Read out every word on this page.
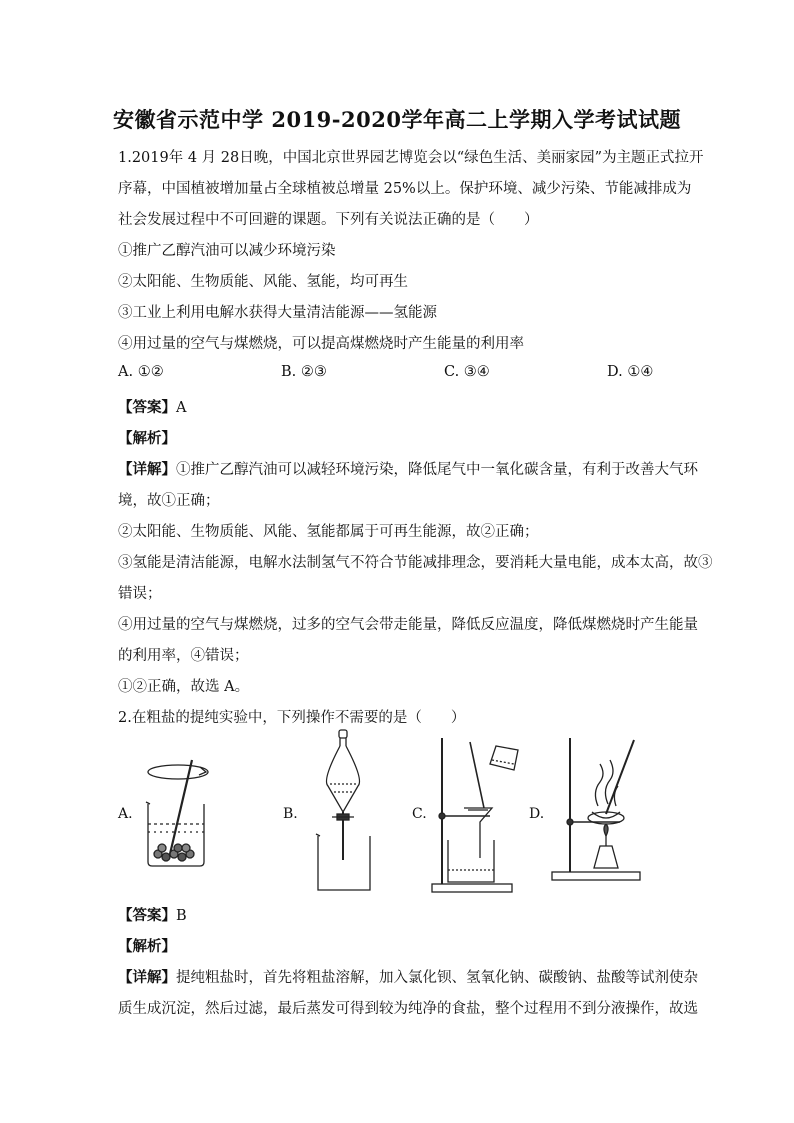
安徽省示范中学 2019-2020学年高二上学期入学考试试题
1.2019年 4 月 28日晚，中国北京世界园艺博览会以“绿色生活、美丽家园”为主题正式拉开
序幕，中国植被增加量占全球植被总增量 25%以上。保护环境、减少污染、节能减排成为
社会发展过程中不可回避的课题。下列有关说法正确的是（　　）
①推广乙醇汽油可以减少环境污染
②太阳能、生物质能、风能、氢能，均可再生
③工业上利用电解水获得大量清洁能源——氢能源
④用过量的空气与煤燃烧，可以提高煤燃烧时产生能量的利用率
A. ①②	B. ②③	C. ③④	D. ①④
【答案】A
【解析】
【详解】①推广乙醇汽油可以减轻环境污染，降低尾气中一氧化碳含量，有利于改善大气环
境，故①正确；
②太阳能、生物质能、风能、氢能都属于可再生能源，故②正确；
③氢能是清洁能源，电解水法制氢气不符合节能减排理念，要消耗大量电能，成本太高，故③
错误；
④用过量的空气与煤燃烧，过多的空气会带走能量，降低反应温度，降低煤燃烧时产生能量
的利用率，④错误；
①②正确，故选 A。
2.在粗盐的提纯实验中，下列操作不需要的是（　　）
A.	B.	C.	D.
【答案】B
【解析】
【详解】提纯粗盐时，首先将粗盐溶解，加入氯化钡、氢氧化钠、碳酸钠、盐酸等试剂使杂
质生成沉淀，然后过滤，最后蒸发可得到较为纯净的食盐，整个过程用不到分液操作，故选
